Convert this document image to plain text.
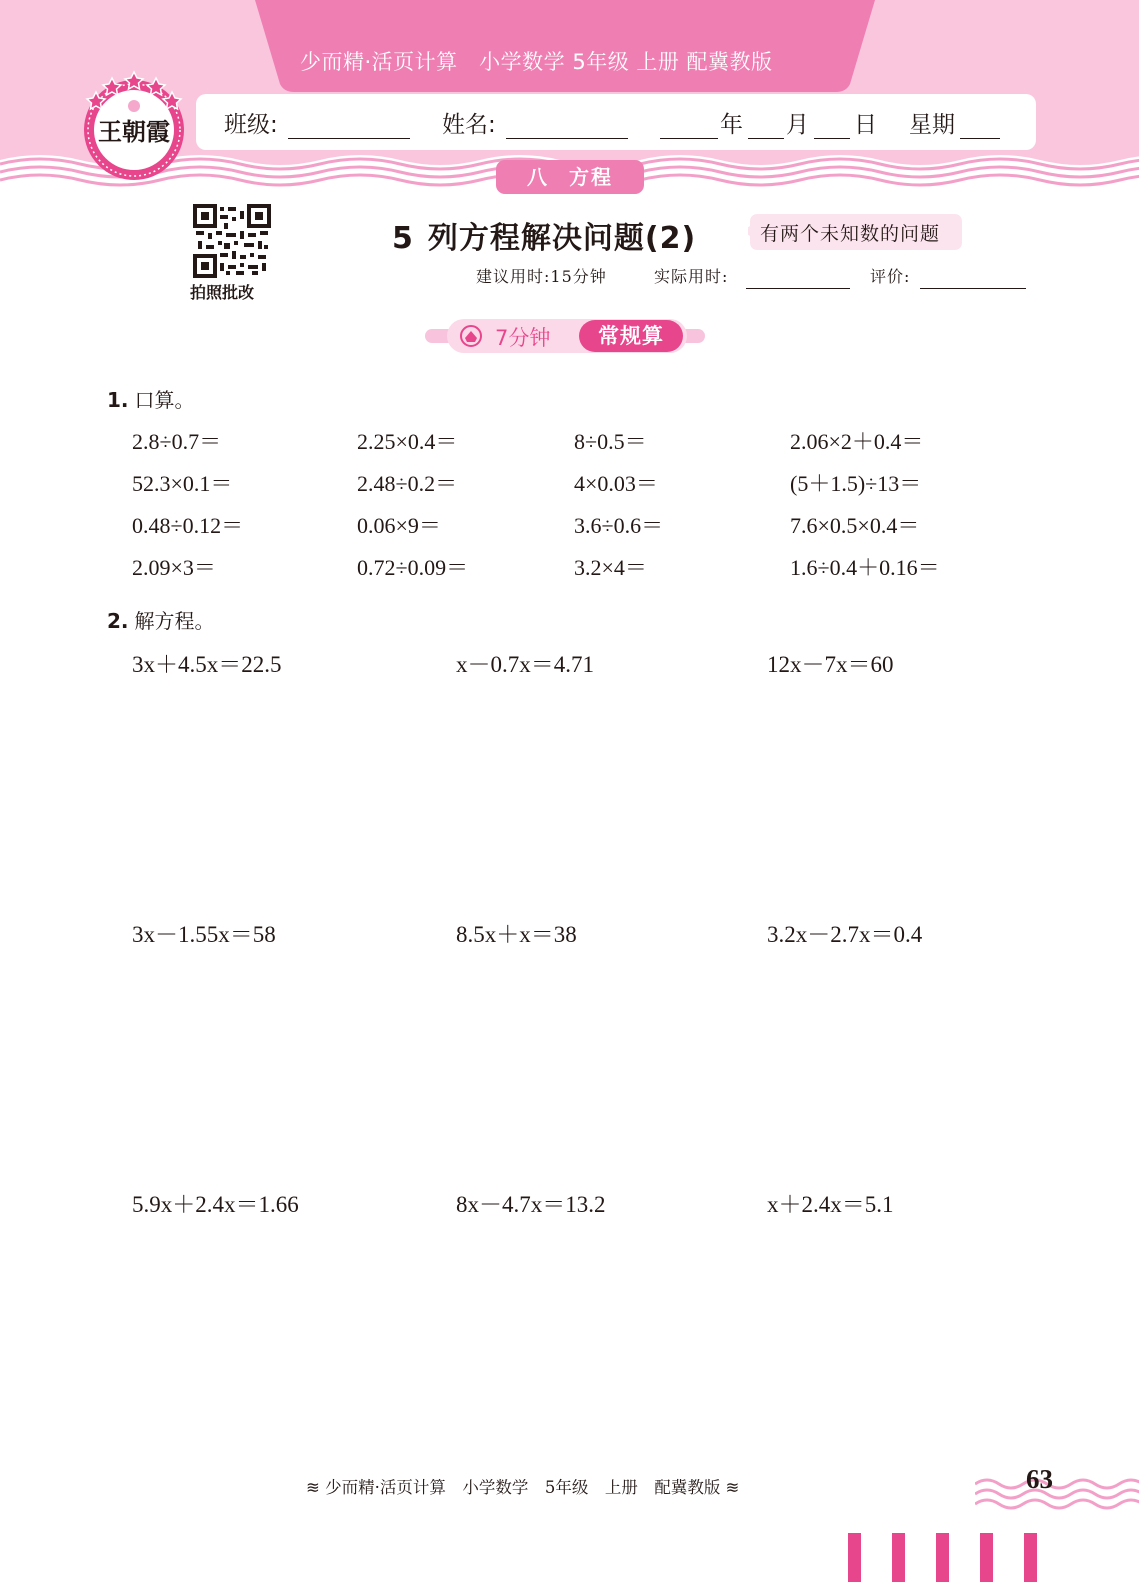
少而精·活页计算　小学数学 5年级 上册 配冀教版
班级:	姓名:	年 月 日 星期
王朝霞
八 方程
拍照批改
5 列方程解决问题(2)	有两个未知数的问题
建议用时:15分钟	实际用时:	评价:
7分钟	常规算
1. 口算。
2.8÷0.7＝	2.25×0.4＝	8÷0.5＝	2.06×2＋0.4＝
52.3×0.1＝	2.48÷0.2＝	4×0.03＝	(5＋1.5)÷13＝
0.48÷0.12＝	0.06×9＝	3.6÷0.6＝	7.6×0.5×0.4＝
2.09×3＝	0.72÷0.09＝	3.2×4＝	1.6÷0.4＋0.16＝
2. 解方程。
3x＋4.5x＝22.5	x－0.7x＝4.71	12x－7x＝60
3x－1.55x＝58	8.5x＋x＝38	3.2x－2.7x＝0.4
5.9x＋2.4x＝1.66	8x－4.7x＝13.2	x＋2.4x＝5.1
≋ 少而精·活页计算　小学数学　5年级　上册　配冀教版 ≋	63
